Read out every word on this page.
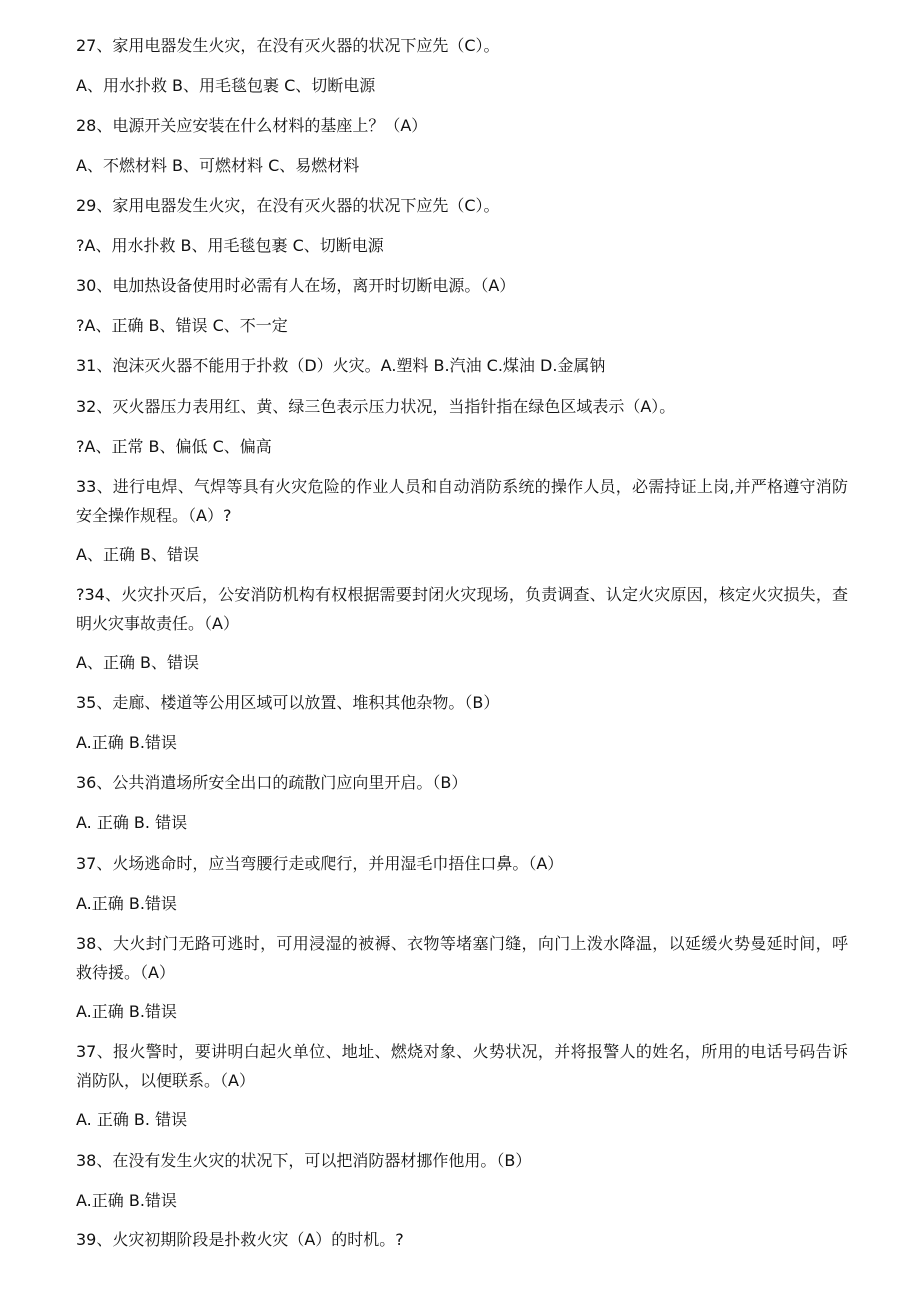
27、家用电器发生火灾，在没有灭火器的状况下应先（C）。
A、用水扑救 B、用毛毯包裹 C、切断电源
28、电源开关应安装在什么材料的基座上？（A）
A、不燃材料 B、可燃材料 C、易燃材料
29、家用电器发生火灾，在没有灭火器的状况下应先（C）。
?A、用水扑救 B、用毛毯包裹 C、切断电源
30、电加热设备使用时必需有人在场，离开时切断电源。（A）
?A、正确 B、错误 C、不一定
31、泡沫灭火器不能用于扑救（D）火灾。A.塑料 B.汽油 C.煤油 D.金属钠
32、灭火器压力表用红、黄、绿三色表示压力状况，当指针指在绿色区域表示（A）。
?A、正常 B、偏低 C、偏高
33、进行电焊、气焊等具有火灾危险的作业人员和自动消防系统的操作人员，必需持证上岗,并严格遵守消防安全操作规程。（A）?
A、正确 B、错误
?34、火灾扑灭后，公安消防机构有权根据需要封闭火灾现场，负责调查、认定火灾原因，核定火灾损失，查明火灾事故责任。（A）
A、正确 B、错误
35、走廊、楼道等公用区域可以放置、堆积其他杂物。（B）
A.正确 B.错误
36、公共消遣场所安全出口的疏散门应向里开启。（B）
A. 正确 B. 错误
37、火场逃命时，应当弯腰行走或爬行，并用湿毛巾捂住口鼻。（A）
A.正确 B.错误
38、大火封门无路可逃时，可用浸湿的被褥、衣物等堵塞门缝，向门上泼水降温，以延缓火势曼延时间，呼救待援。（A）
A.正确 B.错误
37、报火警时，要讲明白起火单位、地址、燃烧对象、火势状况，并将报警人的姓名，所用的电话号码告诉消防队，以便联系。（A）
A. 正确 B. 错误
38、在没有发生火灾的状况下，可以把消防器材挪作他用。（B）
A.正确 B.错误
39、火灾初期阶段是扑救火灾（A）的时机。?
